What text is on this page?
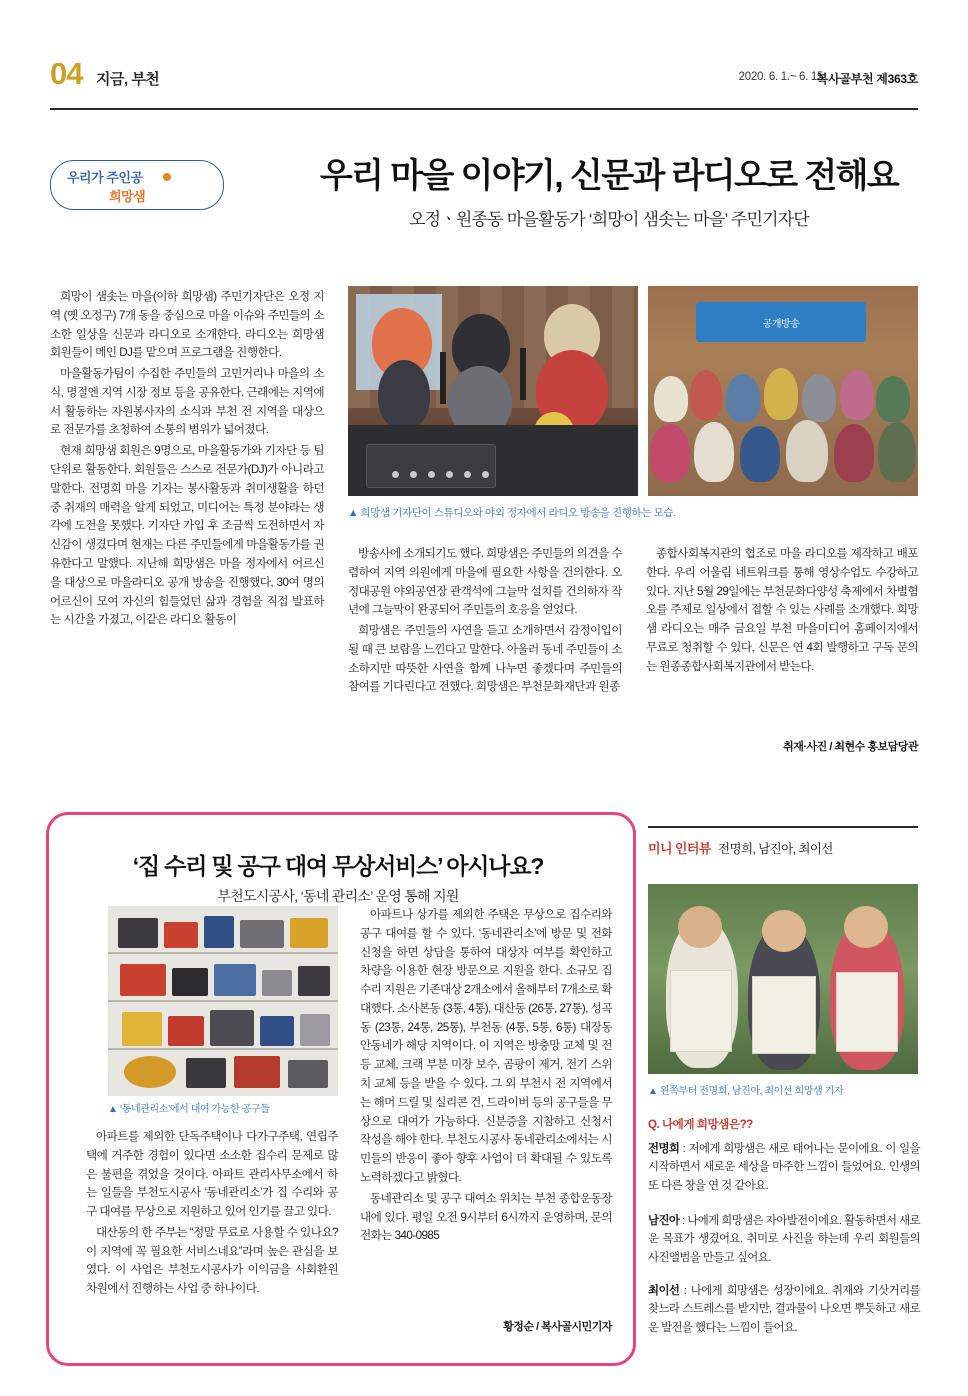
04 지금, 부천	2020. 6. 1.~ 6. 15.
복사골부천 제363호
우리가 주인공
희망샘
우리 마을 이야기, 신문과 라디오로 전해요
오정ㆍ원종동 마을활동가 ‘희망이 샘솟는 마을’ 주민기자단
공개방송
▲ 희망샘 기자단이 스튜디오와 야외 정자에서 라디오 방송을 진행하는 모습.

희망이 샘솟는 마을(이하 희망샘) 주민기자단은 오정 지역 (옛 오정구) 7개 동을 중심으로 마을 이슈와 주민들의 소소한 일상을 신문과 라디오로 소개한다. 라디오는 희망샘 회원들이 메인 DJ를 맡으며 프로그램을 진행한다.

마을활동가팀이 수집한 주민들의 고민거리나 마을의 소식, 명절엔 지역 시장 정보 등을 공유한다. 근래에는 지역에서 활동하는 자원봉사자의 소식과 부천 전 지역을 대상으로 전문가를 초청하여 소통의 범위가 넓어졌다.

현재 희망샘 회원은 9명으로, 마을활동가와 기자단 등 팀 단위로 활동한다. 회원들은 스스로 전문가(DJ)가 아니라고 말한다. 전명희 마을 기자는 봉사활동과 취미생활을 하던 중 취재의 매력을 알게 되었고, 미디어는 특정 분야라는 생각에 도전을 못했다. 기자단 가입 후 조금씩 도전하면서 자신감이 생겼다며 현재는 다른 주민들에게 마을활동가를 권유한다고 말했다. 지난해 희망샘은 마을 정자에서 어르신을 대상으로 마을라디오 공개 방송을 진행했다, 30여 명의 어르신이 모여 자신의 힘들었던 삶과 경험을 직접 발표하는 시간을 가졌고, 이같은 라디오 활동이

방송사에 소개되기도 했다. 희망샘은 주민들의 의견을 수렴하여 지역 의원에게 마을에 필요한 사항을 건의한다. 오정대공원 야외공연장 관객석에 그늘막 설치를 건의하자 작년에 그늘막이 완공되어 주민들의 호응을 얻었다.

희망샘은 주민들의 사연을 듣고 소개하면서 감정이입이 될 때 큰 보람을 느낀다고 말한다. 아울러 동네 주민들이 소소하지만 따뜻한 사연을 함께 나누면 좋겠다며 주민들의 참여를 기다린다고 전했다. 희망샘은 부천문화재단과 원종

종합사회복지관의 협조로 마을 라디오를 제작하고 배포한다. 우리 어울림 네트워크를 통해 영상수업도 수강하고 있다. 지난 5월 29일에는 부천문화다양성 축제에서 차별혐오를 주제로 일상에서 접할 수 있는 사례를 소개했다. 희망샘 라디오는 매주 금요일 부천 마을미디어 홈페이지에서 무료로 청취할 수 있다, 신문은 연 4회 발행하고 구독 문의는 원종종합사회복지관에서 받는다.

취재·사진 / 최현수 홍보담당관
‘집 수리 및 공구 대여 무상서비스’ 아시나요?
부천도시공사, ‘동네 관리소’ 운영 통해 지원
▲ ‘동네관리소’에서 대여 가능한 공구들

아파트를 제외한 단독주택이나 다가구주택, 연립주택에 거주한 경험이 있다면 소소한 집수리 문제로 많은 불편을 겪었을 것이다. 아파트 관리사무소에서 하는 일들을 부천도시공사 ‘동네관리소’가 집 수리와 공구 대여를 무상으로 지원하고 있어 인기를 끌고 있다.

대산동의 한 주부는 “정말 무료로 사용할 수 있나요? 이 지역에 꼭 필요한 서비스네요”라며 높은 관심을 보였다. 이 사업은 부천도시공사가 이익금을 사회환원 차원에서 진행하는 사업 중 하나이다.

아파트나 상가를 제외한 주택은 무상으로 집수리와 공구 대여를 할 수 있다. ‘동네관리소’에 방문 및 전화 신청을 하면 상담을 통하여 대상자 여부를 확인하고 차량을 이용한 현장 방문으로 지원을 한다. 소규모 집수리 지원은 기존대상 2개소에서 올해부터 7개소로 확대했다. 소사본동 (3통, 4통), 대산동 (26통, 27통), 성곡동 (23통, 24통, 25통), 부천동 (4통, 5통, 6통) 대장동 안동네가 해당 지역이다. 이 지역은 방충망 교체 및 전등 교체, 크랙 부분 미장 보수, 곰팡이 제거, 전기 스위치 교체 등을 받을 수 있다. 그 외 부천시 전 지역에서는 해머 드릴 및 실리콘 건, 드라이버 등의 공구들을 무상으로 대여가 가능하다. 신분증을 지참하고 신청서 작성을 해야 한다. 부천도시공사 동네관리소에서는 시민들의 반응이 좋아 향후 사업이 더 확대될 수 있도록 노력하겠다고 밝혔다.

동네관리소 및 공구 대여소 위치는 부천 종합운동장 내에 있다. 평일 오전 9시부터 6시까지 운영하며, 문의 전화는 340-0985

황정순 / 복사골시민기자
미니 인터뷰 전명희, 남진아, 최이선
▲ 왼쪽부터 전명희, 남진아, 최이선 희망샘 기자
Q. 나에게 희망샘은??
전명희 : 저에게 희망샘은 새로 태어나는 문이에요. 이 일을 시작하면서 새로운 세상을 마주한 느낌이 들었어요. 인생의 또 다른 창을 연 것 같아요.
남진아 : 나에게 희망샘은 자아발전이에요. 활동하면서 새로운 목표가 생겼어요. 취미로 사진을 하는데 우리 회원들의 사진앨범을 만들고 싶어요.
최이선 : 나에게 희망샘은 성장이에요. 취재와 기삿거리를 찾느라 스트레스를 받지만, 결과물이 나오면 뿌듯하고 새로운 발전을 했다는 느낌이 들어요.
